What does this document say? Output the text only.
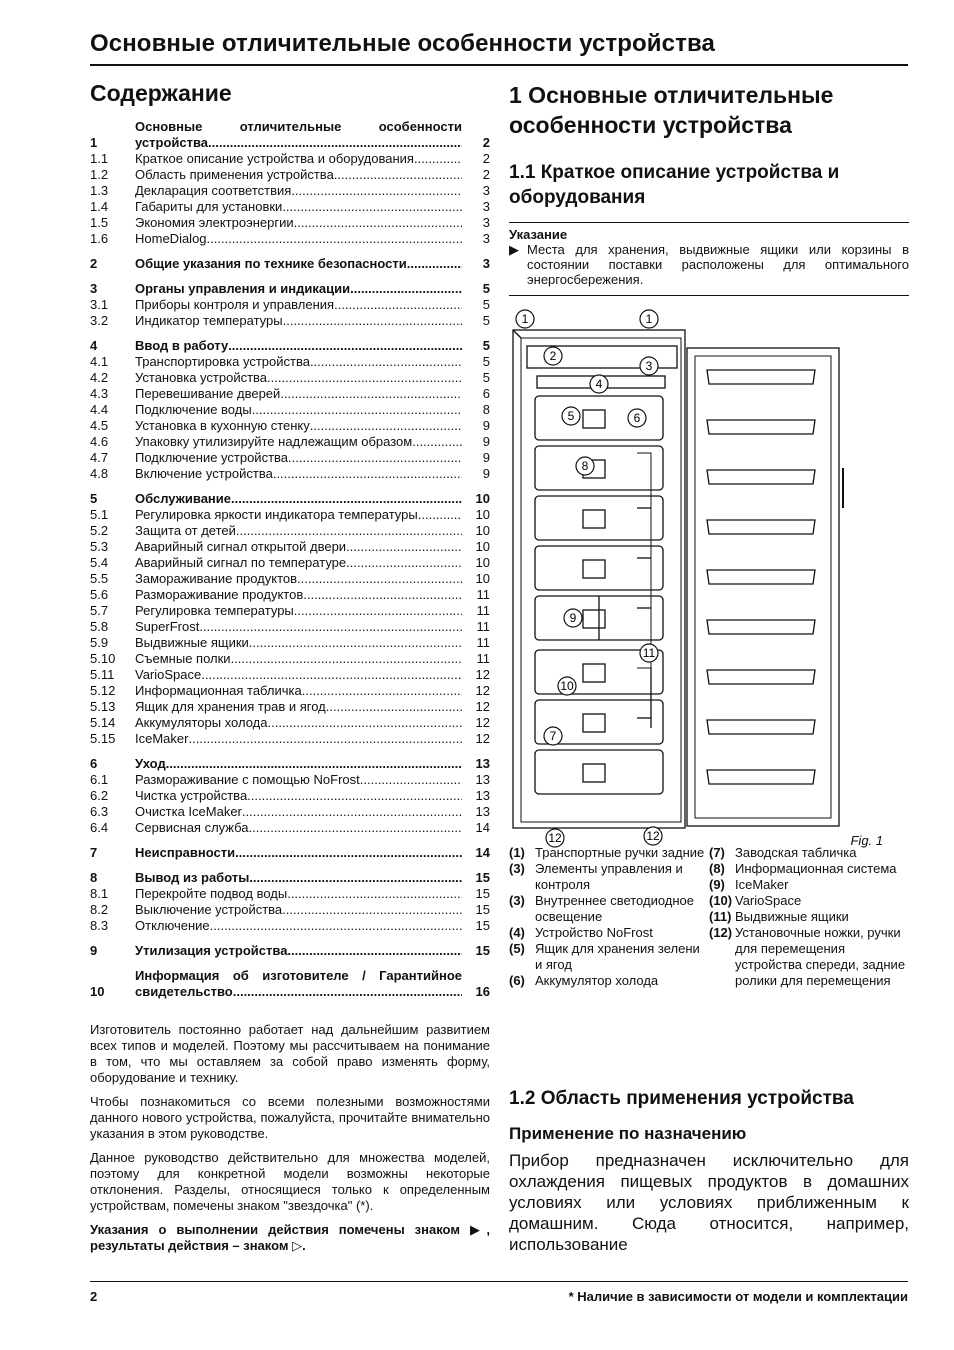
Основные отличительные особенности устройства
Содержание
1
Основные отличительные особенности
устройства .....	2
1.1	Краткое описание устройства и оборудования .....	2
1.2	Область применения устройства .....	2
1.3	Декларация соответствия .....	3
1.4	Габариты для установки .....	3
1.5	Экономия электроэнергии .....	3
1.6	HomeDialog .....	3
2	Общие указания по технике безопасности .....	3
3	Органы управления и индикации .....	5
3.1	Приборы контроля и управления .....	5
3.2	Индикатор температуры .....	5
4	Ввод в работу .....	5
4.1	Транспортировка устройства .....	5
4.2	Установка устройства .....	5
4.3	Перевешивание дверей .....	6
4.4	Подключение воды .....	8
4.5	Установка в кухонную стенку .....	9
4.6	Упаковку утилизируйте надлежащим образом .....	9
4.7	Подключение устройства .....	9
4.8	Включение устройства .....	9
5	Обслуживание .....	10
5.1	Регулировка яркости индикатора температуры .....	10
5.2	Защита от детей .....	10
5.3	Аварийный сигнал открытой двери .....	10
5.4	Аварийный сигнал по температуре .....	10
5.5	Замораживание продуктов .....	10
5.6	Размораживание продуктов .....	11
5.7	Регулировка температуры .....	11
5.8	SuperFrost .....	11
5.9	Выдвижные ящики .....	11
5.10	Съемные полки .....	11
5.11	VarioSpace .....	12
5.12	Информационная табличка .....	12
5.13	Ящик для хранения трав и ягод .....	12
5.14	Аккумуляторы холода .....	12
5.15	IceMaker .....	12
6	Уход .....	13
6.1	Размораживание с помощью NoFrost .....	13
6.2	Чистка устройства .....	13
6.3	Очистка IceMaker .....	13
6.4	Сервисная служба .....	14
7	Неисправности .....	14
8	Вывод из работы .....	15
8.1	Перекройте подвод воды .....	15
8.2	Выключение устройства .....	15
8.3	Отключение .....	15
9	Утилизация устройства .....	15
10
Информация об изготовителе / Гарантийное
свидетельство .....	16

Изготовитель постоянно работает над дальнейшим развитием всех типов и моделей. Поэтому мы рассчитываем на понимание в том, что мы оставляем за собой право изменять форму, оборудование и технику.

Чтобы познакомиться со всеми полезными возможностями данного нового устройства, пожалуйста, прочитайте внимательно указания в этом руководстве.

Данное руководство действительно для множества моделей, поэтому для конкретной модели возможны некоторые отклонения. Разделы, относящиеся только к определенным устройствам, помечены знаком "звездочка" (*).

Указания о выполнении действия помечены знаком ▶, результаты действия – знаком ▷.

1 Основные отличительные особенности устройства
1.1 Краткое описание устройства и оборудования
Указание
▶ Места для хранения, выдвижные ящики или корзины в состоянии поставки расположены для оптимального энергосбережения.
1	1
2
3
4
5	6
8
9
11
10
7
12	12	Fig. 1
(1) Транспортные ручки задние
(3) Элементы управления и контроля
(3) Внутреннее светодиодное освещение
(4) Устройство NoFrost
(5) Ящик для хранения зелени и ягод
(6) Аккумулятор холода
(7) Заводская табличка
(8) Информационная система
(9) IceMaker
(10) VarioSpace
(11) Выдвижные ящики
(12) Установочные ножки, ручки для перемещения устройства спереди, задние ролики для перемещения
1.2 Область применения устройства
Применение по назначению

Прибор предназначен исключительно для охлаждения пищевых продуктов в домашних условиях или условиях приближенным к домашним. Сюда относится, например, использование

2	* Наличие в зависимости от модели и комплектации
